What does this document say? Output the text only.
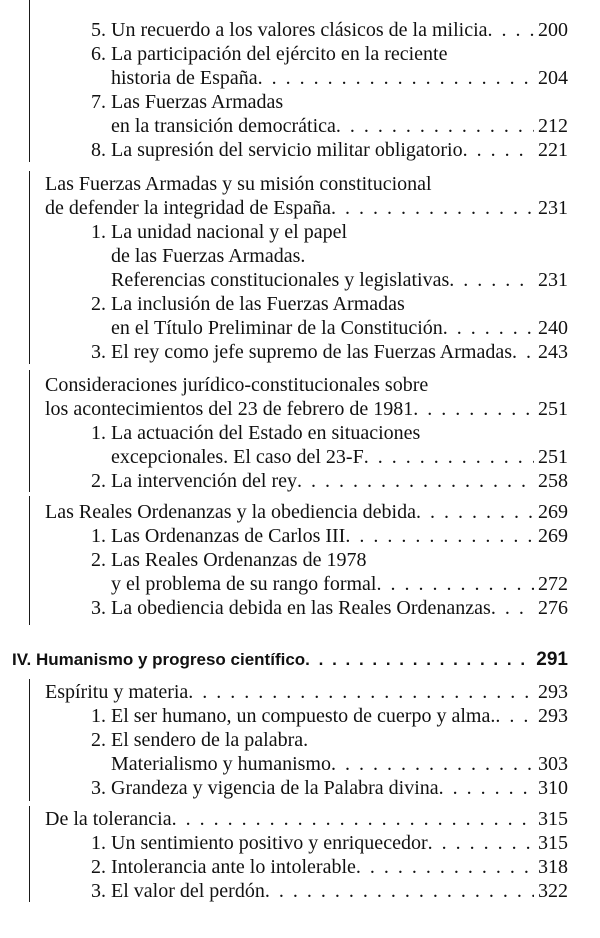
5. Un recuerdo a los valores clásicos de la milicia . . .	200
6. La participación del ejército en la reciente
historia de España . . .	204
7. Las Fuerzas Armadas
en la transición democrática . . .	212
8. La supresión del servicio militar obligatorio . . .	221
Las Fuerzas Armadas y su misión constitucional
de defender la integridad de España . . .	231
1. La unidad nacional y el papel
de las Fuerzas Armadas.
Referencias constitucionales y legislativas . . .	231
2. La inclusión de las Fuerzas Armadas
en el Título Preliminar de la Constitución . . .	240
3. El rey como jefe supremo de las Fuerzas Armadas . . . 243
Consideraciones jurídico-constitucionales sobre
los acontecimientos del 23 de febrero de 1981 . . .	251
1. La actuación del Estado en situaciones
excepcionales. El caso del 23-F . . .	251
2. La intervención del rey . . .	258
Las Reales Ordenanzas y la obediencia debida . . .	269
1. Las Ordenanzas de Carlos III . . .	269
2. Las Reales Ordenanzas de 1978
y el problema de su rango formal . . .	272
3. La obediencia debida en las Reales Ordenanzas . . . 276
IV. Humanismo y progreso científico . . .	291
Espíritu y materia . . .	293
1. El ser humano, un compuesto de cuerpo y alma. . . . 293
2. El sendero de la palabra.
Materialismo y humanismo . . .	303
3. Grandeza y vigencia de la Palabra divina . . .	310
De la tolerancia . . .	315
1. Un sentimiento positivo y enriquecedor . . .	315
2. Intolerancia ante lo intolerable . . .	318
3. El valor del perdón . . .	322
